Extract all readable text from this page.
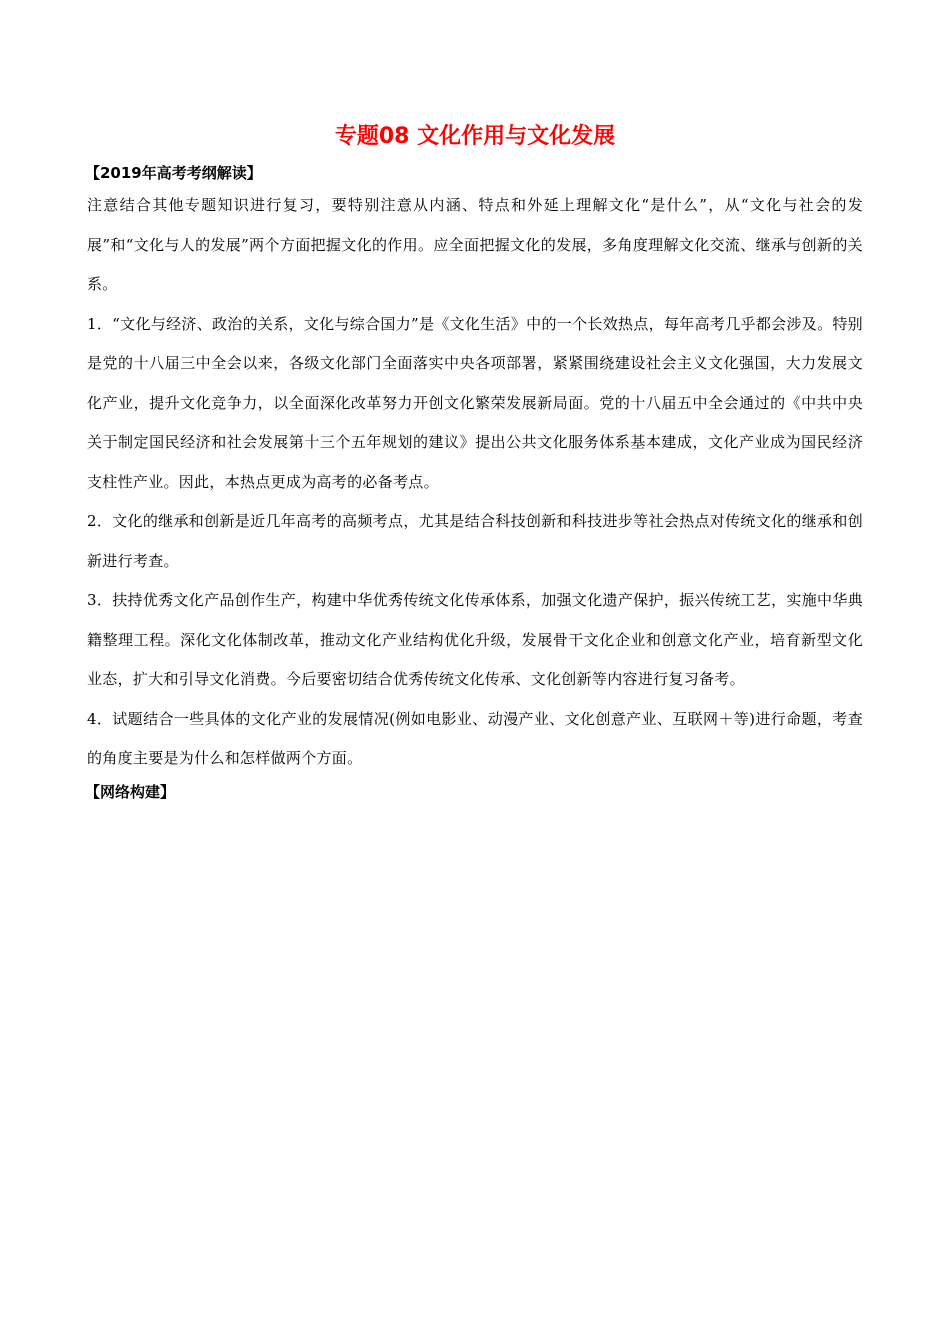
专题08 文化作用与文化发展
【2019年高考考纲解读】

注意结合其他专题知识进行复习，要特别注意从内涵、特点和外延上理解文化“是什么”，从“文化与社会的发展”和“文化与人的发展”两个方面把握文化的作用。应全面把握文化的发展，多角度理解文化交流、继承与创新的关系。

1．“文化与经济、政治的关系，文化与综合国力”是《文化生活》中的一个长效热点，每年高考几乎都会涉及。特别是党的十八届三中全会以来，各级文化部门全面落实中央各项部署，紧紧围绕建设社会主义文化强国，大力发展文化产业，提升文化竞争力，以全面深化改革努力开创文化繁荣发展新局面。党的十八届五中全会通过的《中共中央关于制定国民经济和社会发展第十三个五年规划的建议》提出公共文化服务体系基本建成，文化产业成为国民经济支柱性产业。因此，本热点更成为高考的必备考点。

2．文化的继承和创新是近几年高考的高频考点，尤其是结合科技创新和科技进步等社会热点对传统文化的继承和创新进行考查。

3．扶持优秀文化产品创作生产，构建中华优秀传统文化传承体系，加强文化遗产保护，振兴传统工艺，实施中华典籍整理工程。深化文化体制改革，推动文化产业结构优化升级，发展骨干文化企业和创意文化产业，培育新型文化业态，扩大和引导文化消费。今后要密切结合优秀传统文化传承、文化创新等内容进行复习备考。

4．试题结合一些具体的文化产业的发展情况(例如电影业、动漫产业、文化创意产业、互联网＋等)进行命题，考查的角度主要是为什么和怎样做两个方面。

【网络构建】
